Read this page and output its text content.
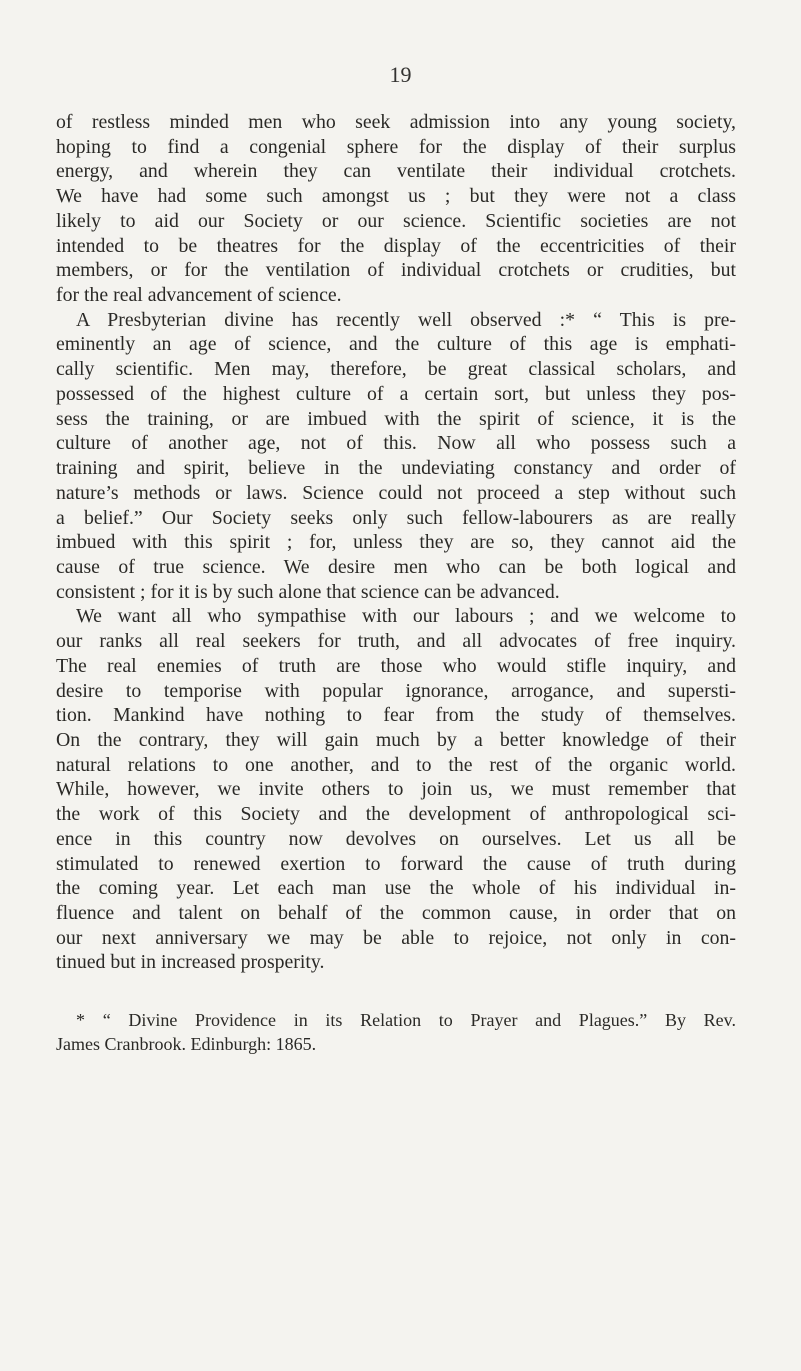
19
of restless minded men who seek admission into any young society,
hoping to find a congenial sphere for the display of their surplus
energy, and wherein they can ventilate their individual crotchets.
We have had some such amongst us ; but they were not a class
likely to aid our Society or our science. Scientific societies are not
intended to be theatres for the display of the eccentricities of their
members, or for the ventilation of individual crotchets or crudities, but
for the real advancement of science.
A Presbyterian divine has recently well observed :* “ This is pre-
eminently an age of science, and the culture of this age is emphati-
cally scientific. Men may, therefore, be great classical scholars, and
possessed of the highest culture of a certain sort, but unless they pos-
sess the training, or are imbued with the spirit of science, it is the
culture of another age, not of this. Now all who possess such a
training and spirit, believe in the undeviating constancy and order of
nature’s methods or laws. Science could not proceed a step without such
a belief.” Our Society seeks only such fellow-labourers as are really
imbued with this spirit ; for, unless they are so, they cannot aid the
cause of true science. We desire men who can be both logical and
consistent ; for it is by such alone that science can be advanced.
We want all who sympathise with our labours ; and we welcome to
our ranks all real seekers for truth, and all advocates of free inquiry.
The real enemies of truth are those who would stifle inquiry, and
desire to temporise with popular ignorance, arrogance, and supersti-
tion. Mankind have nothing to fear from the study of themselves.
On the contrary, they will gain much by a better knowledge of their
natural relations to one another, and to the rest of the organic world.
While, however, we invite others to join us, we must remember that
the work of this Society and the development of anthropological sci-
ence in this country now devolves on ourselves. Let us all be
stimulated to renewed exertion to forward the cause of truth during
the coming year. Let each man use the whole of his individual in-
fluence and talent on behalf of the common cause, in order that on
our next anniversary we may be able to rejoice, not only in con-
tinued but in increased prosperity.
* “ Divine Providence in its Relation to Prayer and Plagues.” By Rev.
James Cranbrook. Edinburgh: 1865.
